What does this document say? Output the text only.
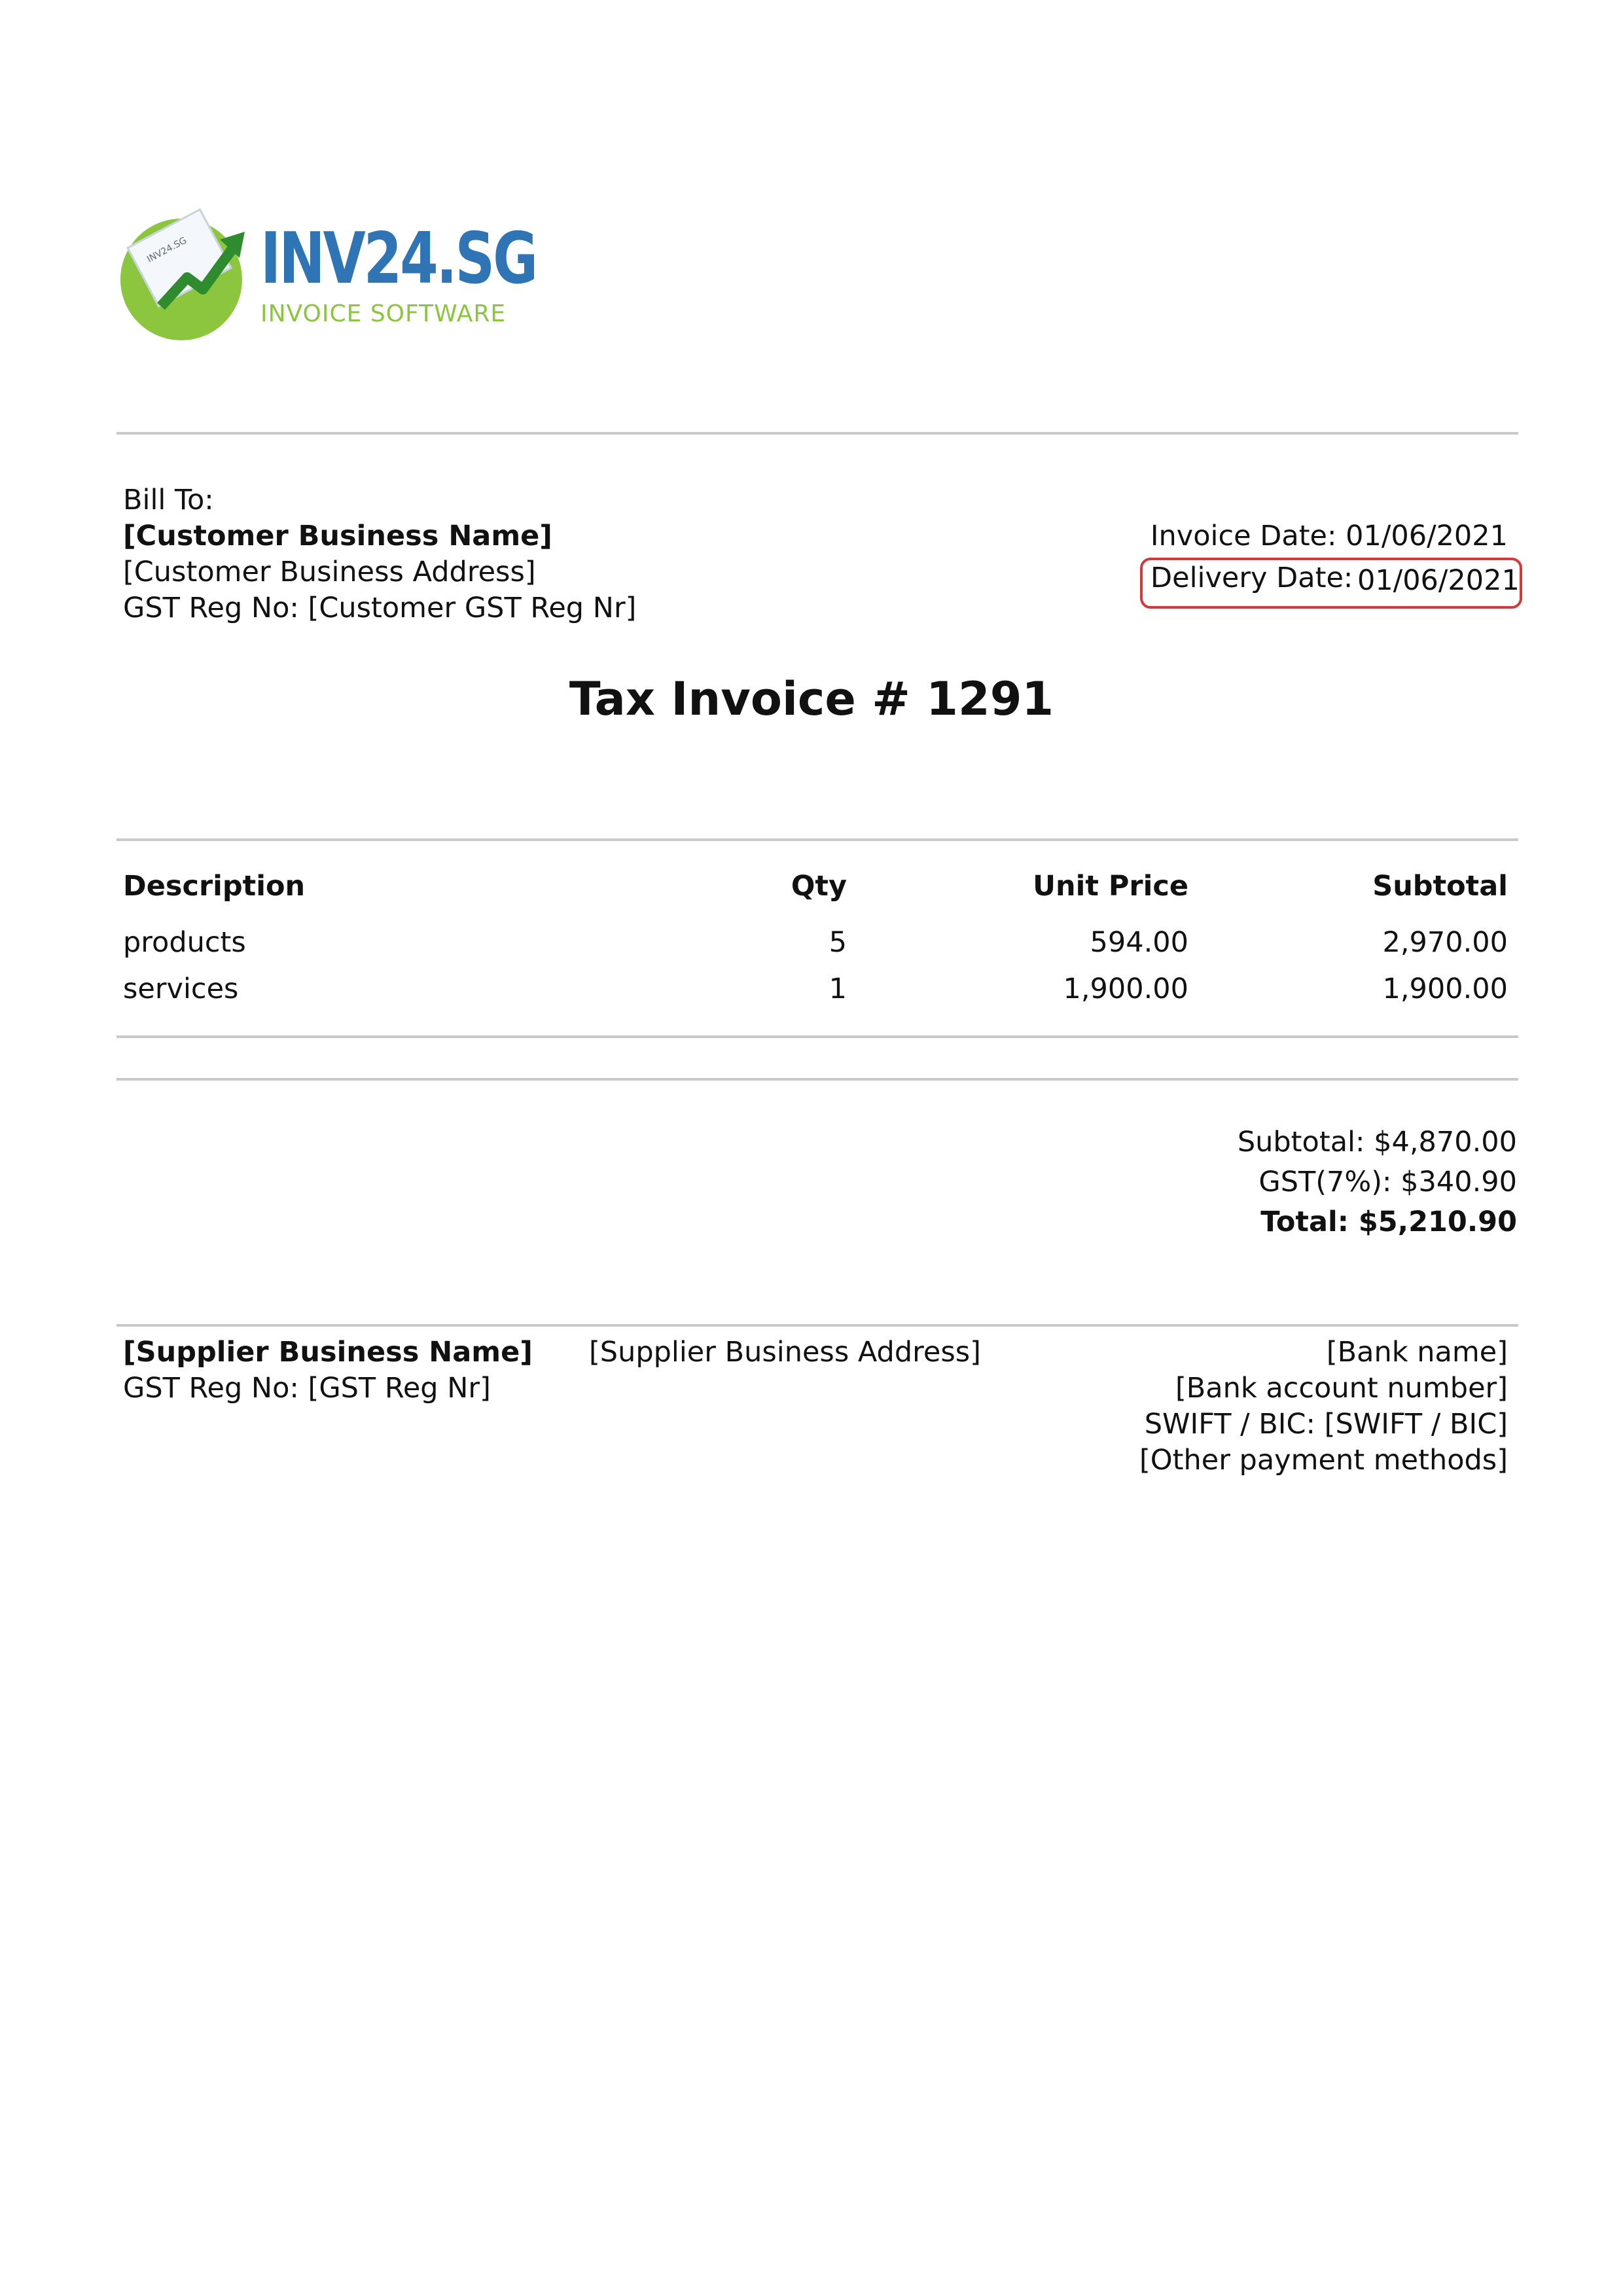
INV24.SG INV24.SG
INVOICE SOFTWARE
Bill To:
[Customer Business Name]
[Customer Business Address]
GST Reg No: [Customer GST Reg Nr]
Invoice Date: 01/06/2021
Delivery Date: 01/06/2021
Tax Invoice # 1291
Description	Qty	Unit Price	Subtotal
products	5	594.00	2,970.00
services	1	1,900.00	1,900.00
Subtotal: $4,870.00
GST(7%): $340.90
Total: $5,210.90
[Supplier Business Name]
GST Reg No: [GST Reg Nr]
[Supplier Business Address]	[Bank name]
[Bank account number]
SWIFT / BIC: [SWIFT / BIC]
[Other payment methods]
